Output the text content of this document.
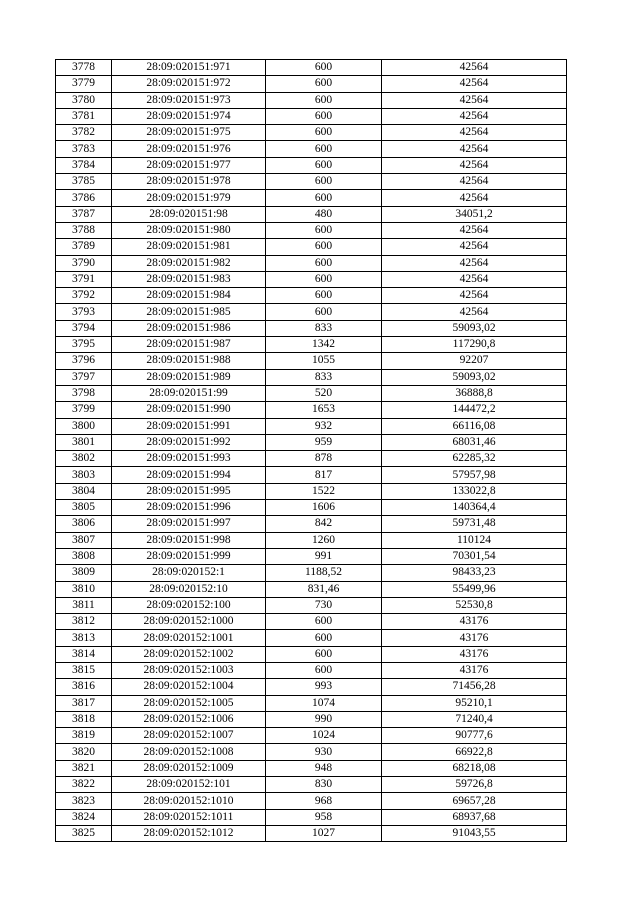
3778	28:09:020151:971	600	42564
3779	28:09:020151:972	600	42564
3780	28:09:020151:973	600	42564
3781	28:09:020151:974	600	42564
3782	28:09:020151:975	600	42564
3783	28:09:020151:976	600	42564
3784	28:09:020151:977	600	42564
3785	28:09:020151:978	600	42564
3786	28:09:020151:979	600	42564
3787	28:09:020151:98	480	34051,2
3788	28:09:020151:980	600	42564
3789	28:09:020151:981	600	42564
3790	28:09:020151:982	600	42564
3791	28:09:020151:983	600	42564
3792	28:09:020151:984	600	42564
3793	28:09:020151:985	600	42564
3794	28:09:020151:986	833	59093,02
3795	28:09:020151:987	1342	117290,8
3796	28:09:020151:988	1055	92207
3797	28:09:020151:989	833	59093,02
3798	28:09:020151:99	520	36888,8
3799	28:09:020151:990	1653	144472,2
3800	28:09:020151:991	932	66116,08
3801	28:09:020151:992	959	68031,46
3802	28:09:020151:993	878	62285,32
3803	28:09:020151:994	817	57957,98
3804	28:09:020151:995	1522	133022,8
3805	28:09:020151:996	1606	140364,4
3806	28:09:020151:997	842	59731,48
3807	28:09:020151:998	1260	110124
3808	28:09:020151:999	991	70301,54
3809	28:09:020152:1	1188,52	98433,23
3810	28:09:020152:10	831,46	55499,96
3811	28:09:020152:100	730	52530,8
3812	28:09:020152:1000	600	43176
3813	28:09:020152:1001	600	43176
3814	28:09:020152:1002	600	43176
3815	28:09:020152:1003	600	43176
3816	28:09:020152:1004	993	71456,28
3817	28:09:020152:1005	1074	95210,1
3818	28:09:020152:1006	990	71240,4
3819	28:09:020152:1007	1024	90777,6
3820	28:09:020152:1008	930	66922,8
3821	28:09:020152:1009	948	68218,08
3822	28:09:020152:101	830	59726,8
3823	28:09:020152:1010	968	69657,28
3824	28:09:020152:1011	958	68937,68
3825	28:09:020152:1012	1027	91043,55
